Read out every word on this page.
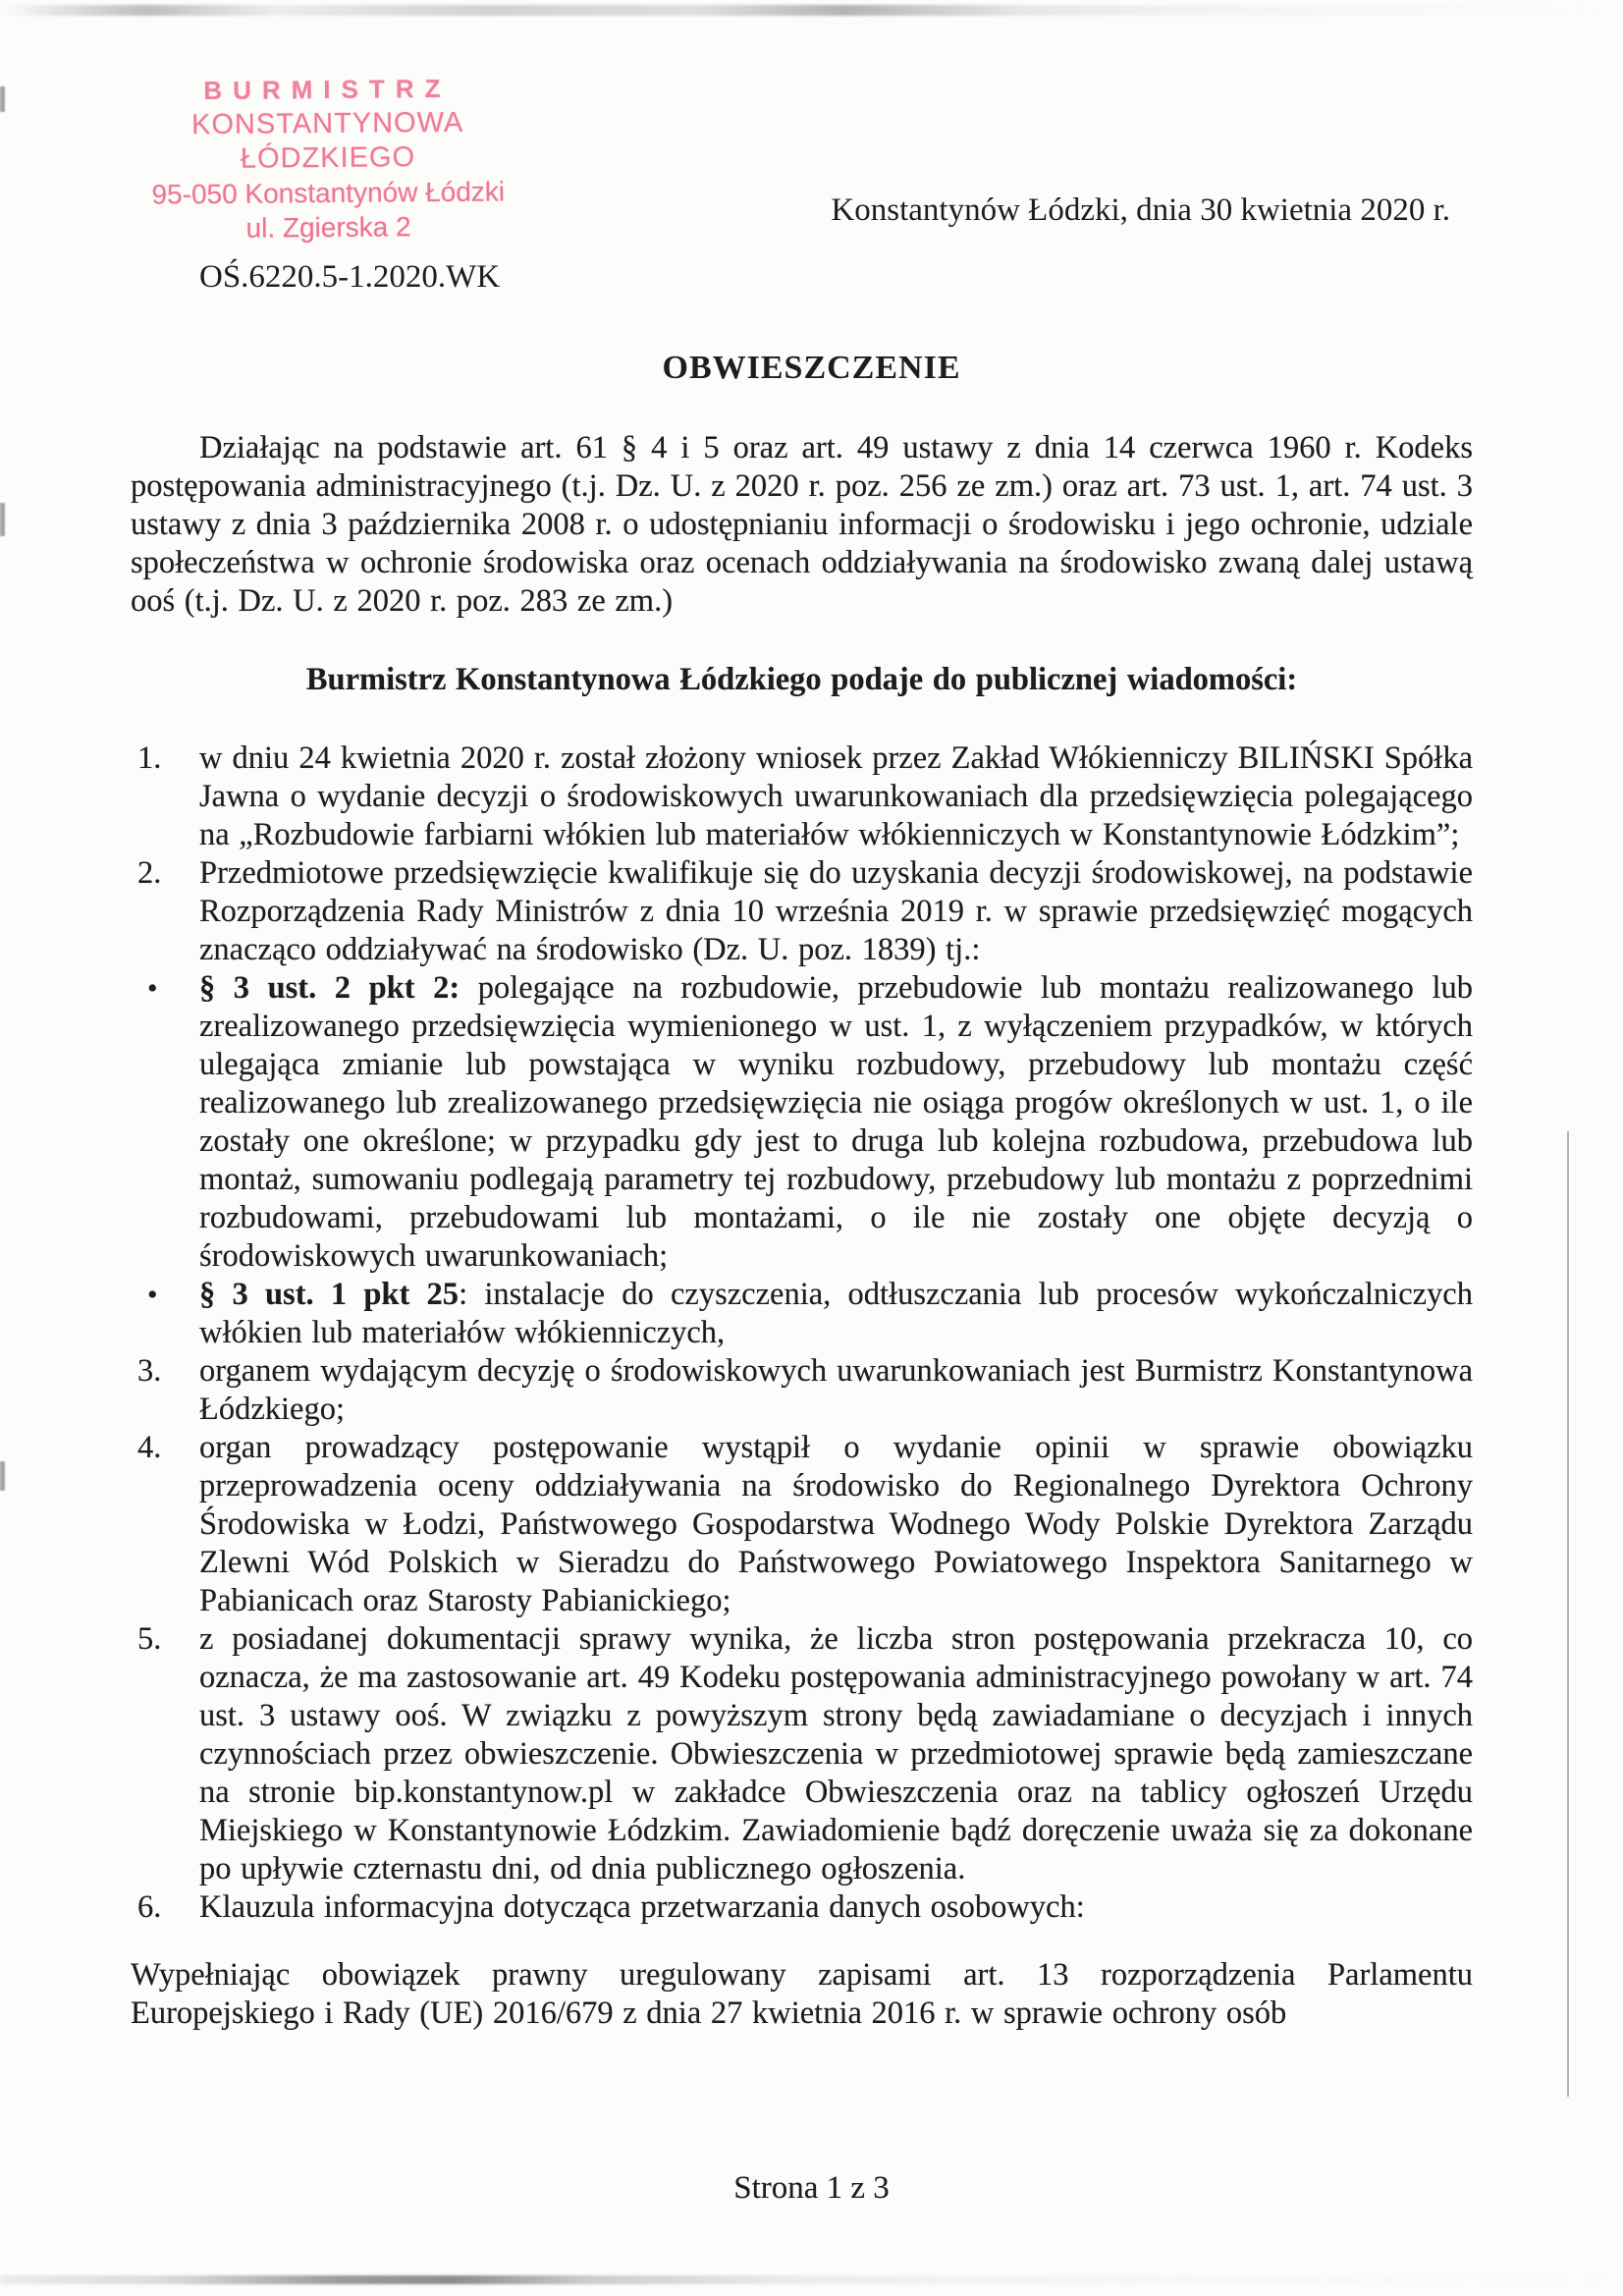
BURMISTRZ
KONSTANTYNOWA ŁÓDZKIEGO
95-050 Konstantynów Łódzki
ul. Zgierska 2	Konstantynów Łódzki, dnia 30 kwietnia 2020 r.
OŚ.6220.5-1.2020.WK
OBWIESZCZENIE

Działając na podstawie art. 61 § 4 i 5 oraz art. 49 ustawy z dnia 14 czerwca 1960 r. Kodeks postępowania administracyjnego (t.j. Dz. U. z 2020 r. poz. 256 ze zm.) oraz art. 73 ust. 1, art. 74 ust. 3 ustawy z dnia 3 października 2008 r. o udostępnianiu informacji o środowisku i jego ochronie, udziale społeczeństwa w ochronie środowiska oraz ocenach oddziaływania na środowisko zwaną dalej ustawą ooś (t.j. Dz. U. z 2020 r. poz. 283 ze zm.)

Burmistrz Konstantynowa Łódzkiego podaje do publicznej wiadomości:
1.	w dniu 24 kwietnia 2020 r. został złożony wniosek przez Zakład Włókienniczy BILIŃSKI Spółka Jawna o wydanie decyzji o środowiskowych uwarunkowaniach dla przedsięwzięcia polegającego na „Rozbudowie farbiarni włókien lub materiałów włókienniczych w Konstantynowie Łódzkim”;
2.	Przedmiotowe przedsięwzięcie kwalifikuje się do uzyskania decyzji środowiskowej, na podstawie Rozporządzenia Rady Ministrów z dnia 10 września 2019 r. w sprawie przedsięwzięć mogących znacząco oddziaływać na środowisko (Dz. U. poz. 1839) tj.:
•	§ 3 ust. 2 pkt 2: polegające na rozbudowie, przebudowie lub montażu realizowanego lub zrealizowanego przedsięwzięcia wymienionego w ust. 1, z wyłączeniem przypadków, w których ulegająca zmianie lub powstająca w wyniku rozbudowy, przebudowy lub montażu część realizowanego lub zrealizowanego przedsięwzięcia nie osiąga progów określonych w ust. 1, o ile zostały one określone; w przypadku gdy jest to druga lub kolejna rozbudowa, przebudowa lub montaż, sumowaniu podlegają parametry tej rozbudowy, przebudowy lub montażu z poprzednimi rozbudowami, przebudowami lub montażami, o ile nie zostały one objęte decyzją o środowiskowych uwarunkowaniach;
•	§ 3 ust. 1 pkt 25: instalacje do czyszczenia, odtłuszczania lub procesów wykończalniczych włókien lub materiałów włókienniczych,
3.	organem wydającym decyzję o środowiskowych uwarunkowaniach jest Burmistrz Konstantynowa Łódzkiego;
4.	organ prowadzący postępowanie wystąpił o wydanie opinii w sprawie obowiązku przeprowadzenia oceny oddziaływania na środowisko do Regionalnego Dyrektora Ochrony Środowiska w Łodzi, Państwowego Gospodarstwa Wodnego Wody Polskie Dyrektora Zarządu Zlewni Wód Polskich w Sieradzu do Państwowego Powiatowego Inspektora Sanitarnego w Pabianicach oraz Starosty Pabianickiego;
5.	z posiadanej dokumentacji sprawy wynika, że liczba stron postępowania przekracza 10, co oznacza, że ma zastosowanie art. 49 Kodeku postępowania administracyjnego powołany w art. 74 ust. 3 ustawy ooś. W związku z powyższym strony będą zawiadamiane o decyzjach i innych czynnościach przez obwieszczenie. Obwieszczenia w przedmiotowej sprawie będą zamieszczane na stronie bip.konstantynow.pl w zakładce Obwieszczenia oraz na tablicy ogłoszeń Urzędu Miejskiego w Konstantynowie Łódzkim. Zawiadomienie bądź doręczenie uważa się za dokonane po upływie czternastu dni, od dnia publicznego ogłoszenia.
6.	Klauzula informacyjna dotycząca przetwarzania danych osobowych:

Wypełniając obowiązek prawny uregulowany zapisami art. 13 rozporządzenia Parlamentu Europejskiego i Rady (UE) 2016/679 z dnia 27 kwietnia 2016 r. w sprawie ochrony osób

Strona 1 z 3
